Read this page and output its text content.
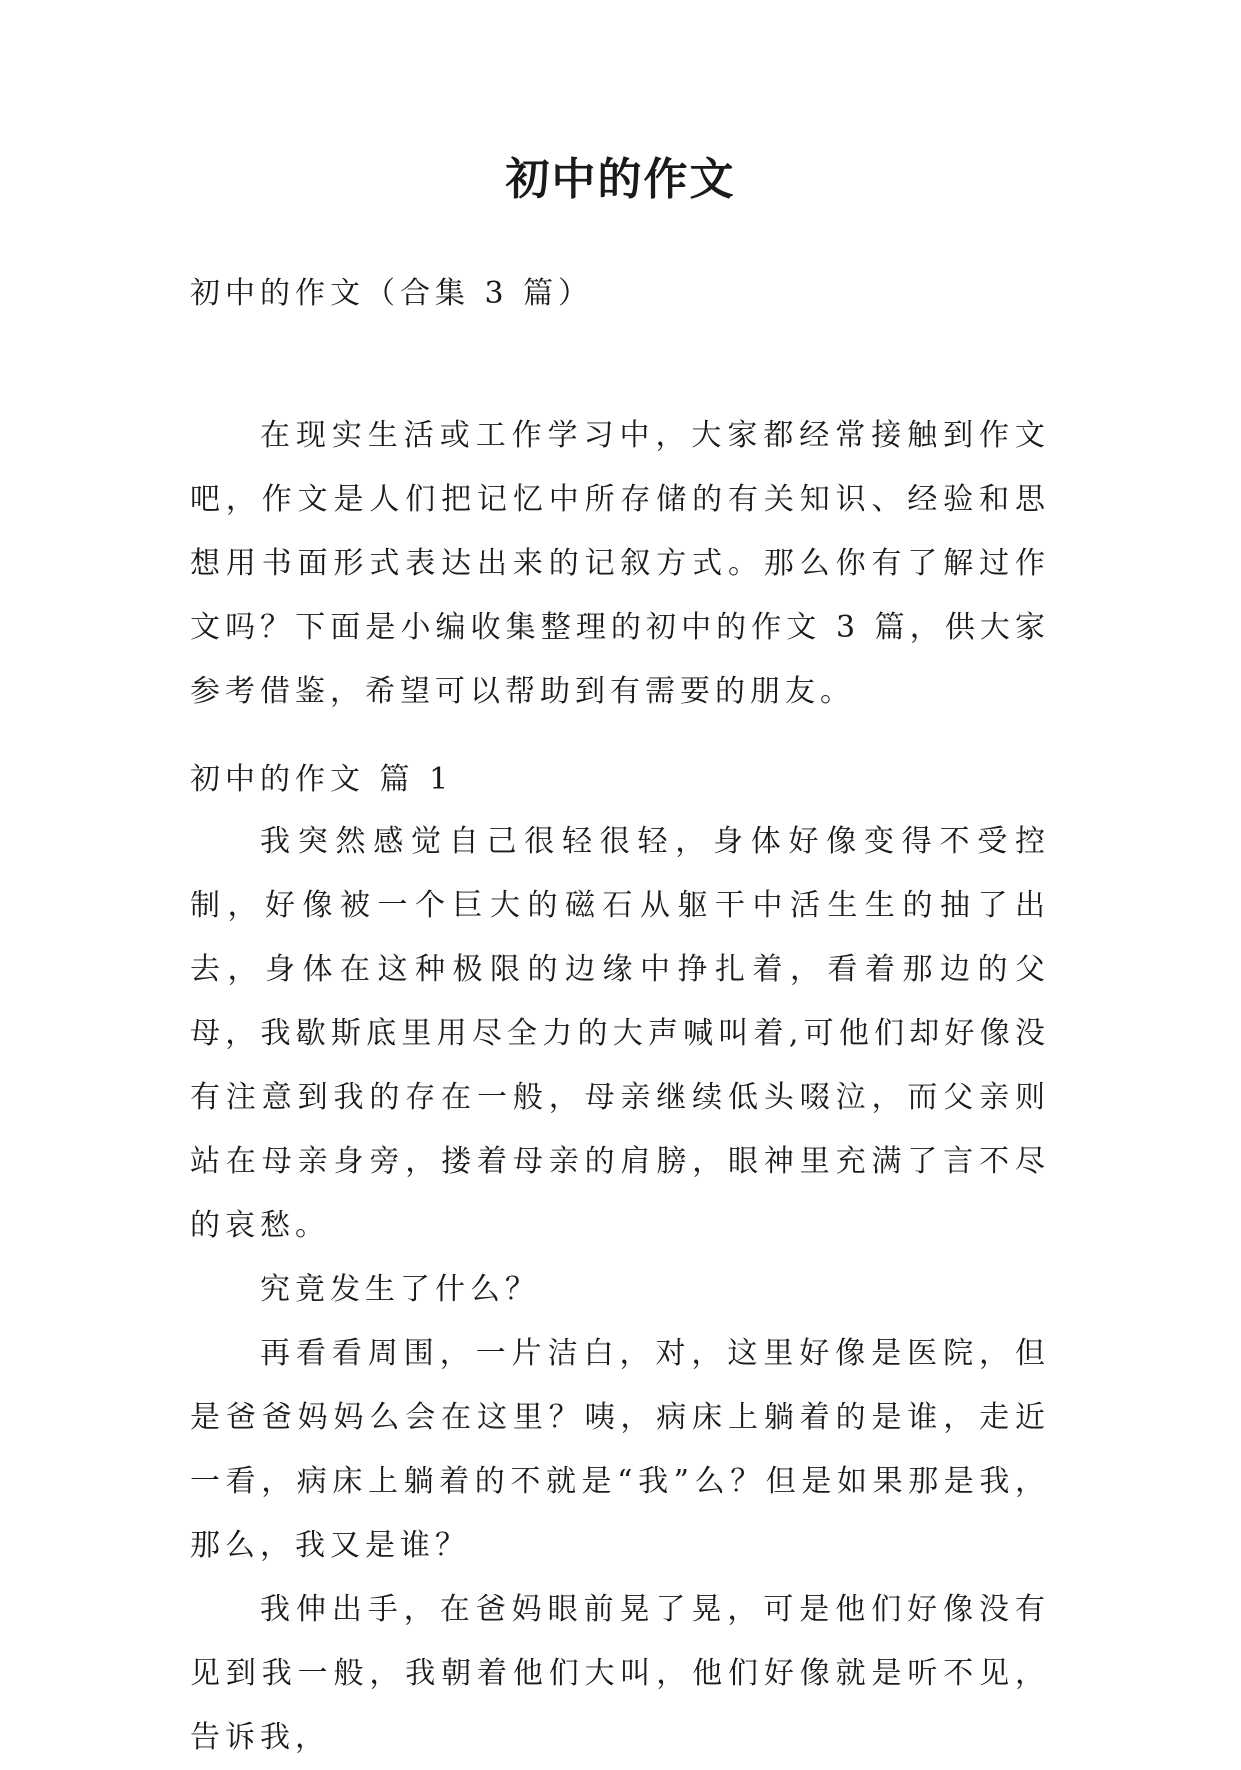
初中的作文
初中的作文（合集 3 篇）

在现实生活或工作学习中，大家都经常接触到作文吧，作文是人们把记忆中所存储的有关知识、经验和思想用书面形式表达出来的记叙方式。那么你有了解过作文吗？下面是小编收集整理的初中的作文 3 篇，供大家参考借鉴，希望可以帮助到有需要的朋友。

初中的作文 篇 1

我突然感觉自己很轻很轻，身体好像变得不受控制，好像被一个巨大的磁石从躯干中活生生的抽了出去，身体在这种极限的边缘中挣扎着，看着那边的父母，我歇斯底里用尽全力的大声喊叫着,可他们却好像没有注意到我的存在一般，母亲继续低头啜泣，而父亲则站在母亲身旁，搂着母亲的肩膀，眼神里充满了言不尽的哀愁。

究竟发生了什么？

再看看周围，一片洁白，对，这里好像是医院，但是爸爸妈妈么会在这里？咦，病床上躺着的是谁，走近一看，病床上躺着的不就是“我”么？但是如果那是我，那么，我又是谁？

我伸出手，在爸妈眼前晃了晃，可是他们好像没有见到我一般，我朝着他们大叫，他们好像就是听不见，告诉我，
